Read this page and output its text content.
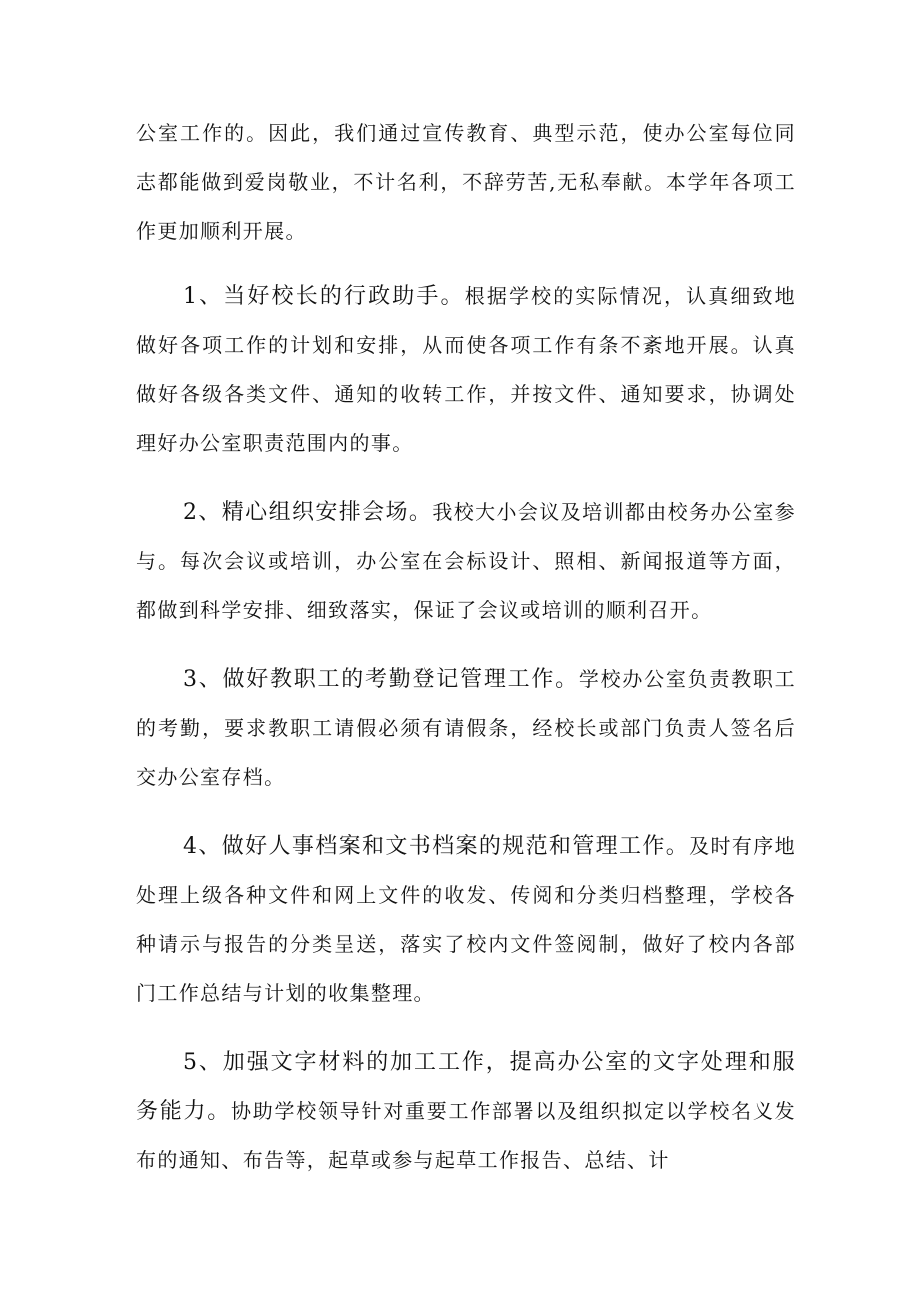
公室工作的。因此，我们通过宣传教育、典型示范，使办公室每位同志都能做到爱岗敬业，不计名利，不辞劳苦,无私奉献。本学年各项工作更加顺利开展。

1、当好校长的行政助手。根据学校的实际情况，认真细致地做好各项工作的计划和安排，从而使各项工作有条不紊地开展。认真做好各级各类文件、通知的收转工作，并按文件、通知要求，协调处理好办公室职责范围内的事。

2、精心组织安排会场。我校大小会议及培训都由校务办公室参与。每次会议或培训，办公室在会标设计、照相、新闻报道等方面，都做到科学安排、细致落实，保证了会议或培训的顺利召开。

3、做好教职工的考勤登记管理工作。学校办公室负责教职工的考勤，要求教职工请假必须有请假条，经校长或部门负责人签名后交办公室存档。

4、做好人事档案和文书档案的规范和管理工作。及时有序地处理上级各种文件和网上文件的收发、传阅和分类归档整理，学校各种请示与报告的分类呈送，落实了校内文件签阅制，做好了校内各部门工作总结与计划的收集整理。

5、加强文字材料的加工工作，提高办公室的文字处理和服务能力。协助学校领导针对重要工作部署以及组织拟定以学校名义发布的通知、布告等，起草或参与起草工作报告、总结、计
